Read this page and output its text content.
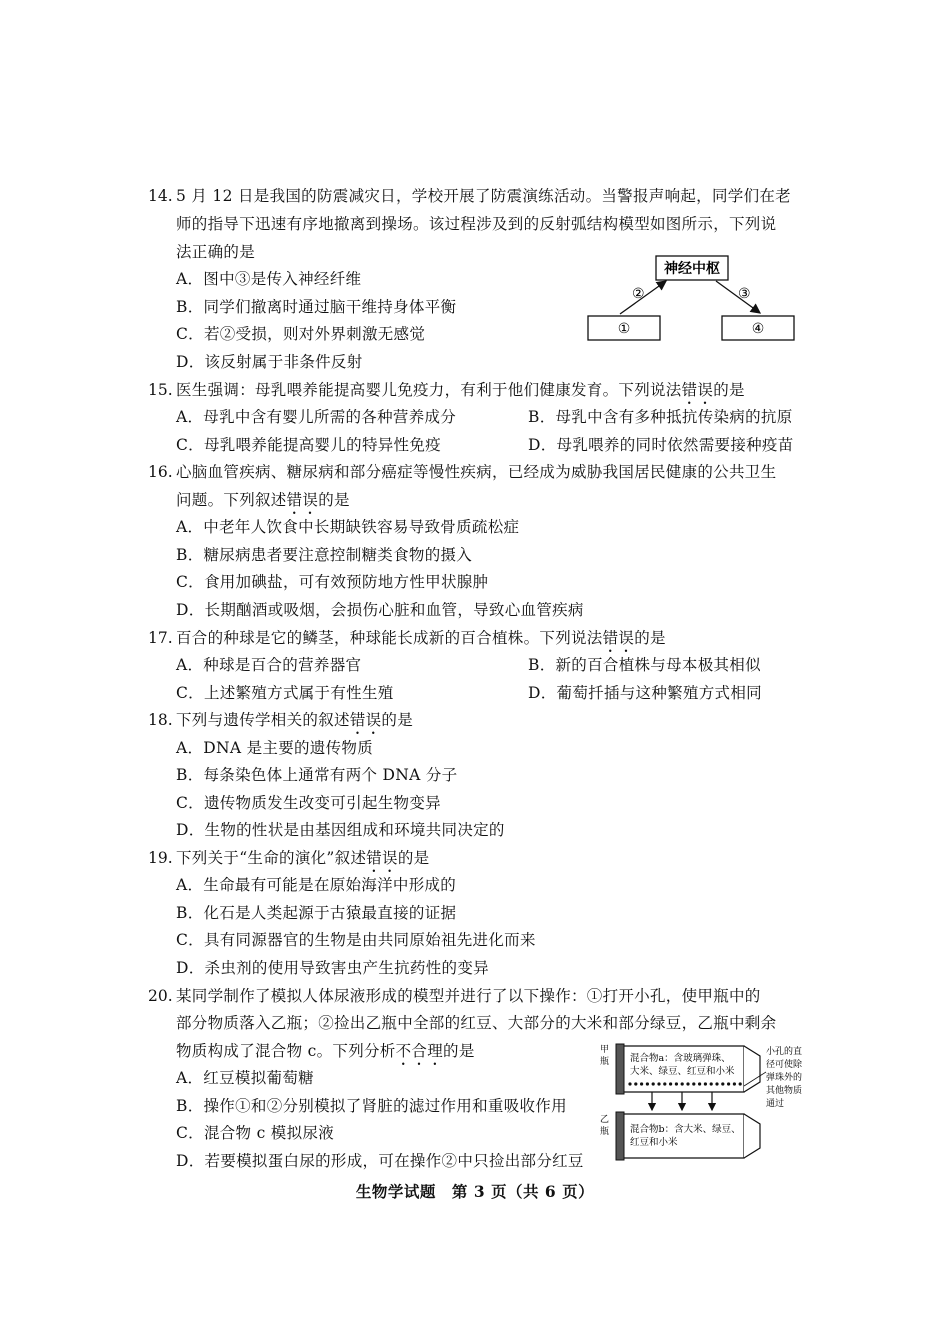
14. 5 月 12 日是我国的防震减灾日，学校开展了防震演练活动。当警报声响起，同学们在老
师的指导下迅速有序地撤离到操场。该过程涉及到的反射弧结构模型如图所示，下列说
法正确的是
A．图中③是传入神经纤维
B．同学们撤离时通过脑干维持身体平衡
C．若②受损，则对外界刺激无感觉
D．该反射属于非条件反射
神经中枢
②	③
①	④
15. 医生强调：母乳喂养能提高婴儿免疫力，有利于他们健康发育。下列说法错误的是
A．母乳中含有婴儿所需的各种营养成分	B．母乳中含有多种抵抗传染病的抗原
C．母乳喂养能提高婴儿的特异性免疫	D．母乳喂养的同时依然需要接种疫苗
16. 心脑血管疾病、糖尿病和部分癌症等慢性疾病，已经成为威胁我国居民健康的公共卫生
问题。下列叙述错误的是
A．中老年人饮食中长期缺铁容易导致骨质疏松症
B．糖尿病患者要注意控制糖类食物的摄入
C．食用加碘盐，可有效预防地方性甲状腺肿
D．长期酗酒或吸烟，会损伤心脏和血管，导致心血管疾病
17. 百合的种球是它的鳞茎，种球能长成新的百合植株。下列说法错误的是
A．种球是百合的营养器官	B．新的百合植株与母本极其相似
C．上述繁殖方式属于有性生殖	D．葡萄扦插与这种繁殖方式相同
18. 下列与遗传学相关的叙述错误的是
A．DNA 是主要的遗传物质
B．每条染色体上通常有两个 DNA 分子
C．遗传物质发生改变可引起生物变异
D．生物的性状是由基因组成和环境共同决定的
19. 下列关于“生命的演化”叙述错误的是
A．生命最有可能是在原始海洋中形成的
B．化石是人类起源于古猿最直接的证据
C．具有同源器官的生物是由共同原始祖先进化而来
D．杀虫剂的使用导致害虫产生抗药性的变异
20. 某同学制作了模拟人体尿液形成的模型并进行了以下操作：①打开小孔，使甲瓶中的
部分物质落入乙瓶；②捡出乙瓶中全部的红豆、大部分的大米和部分绿豆，乙瓶中剩余
物质构成了混合物 c。下列分析不合理的是
A．红豆模拟葡萄糖
B．操作①和②分别模拟了肾脏的滤过作用和重吸收作用
C．混合物 c 模拟尿液
D．若要模拟蛋白尿的形成，可在操作②中只捡出部分红豆
甲
瓶
乙
瓶
混合物a：含玻璃弹珠、
大米、绿豆、红豆和小米
混合物b：含大米、绿豆、
红豆和小米
小孔的直
径可使除
弹珠外的
其他物质
通过
生物学试题　第 3 页（共 6 页）
